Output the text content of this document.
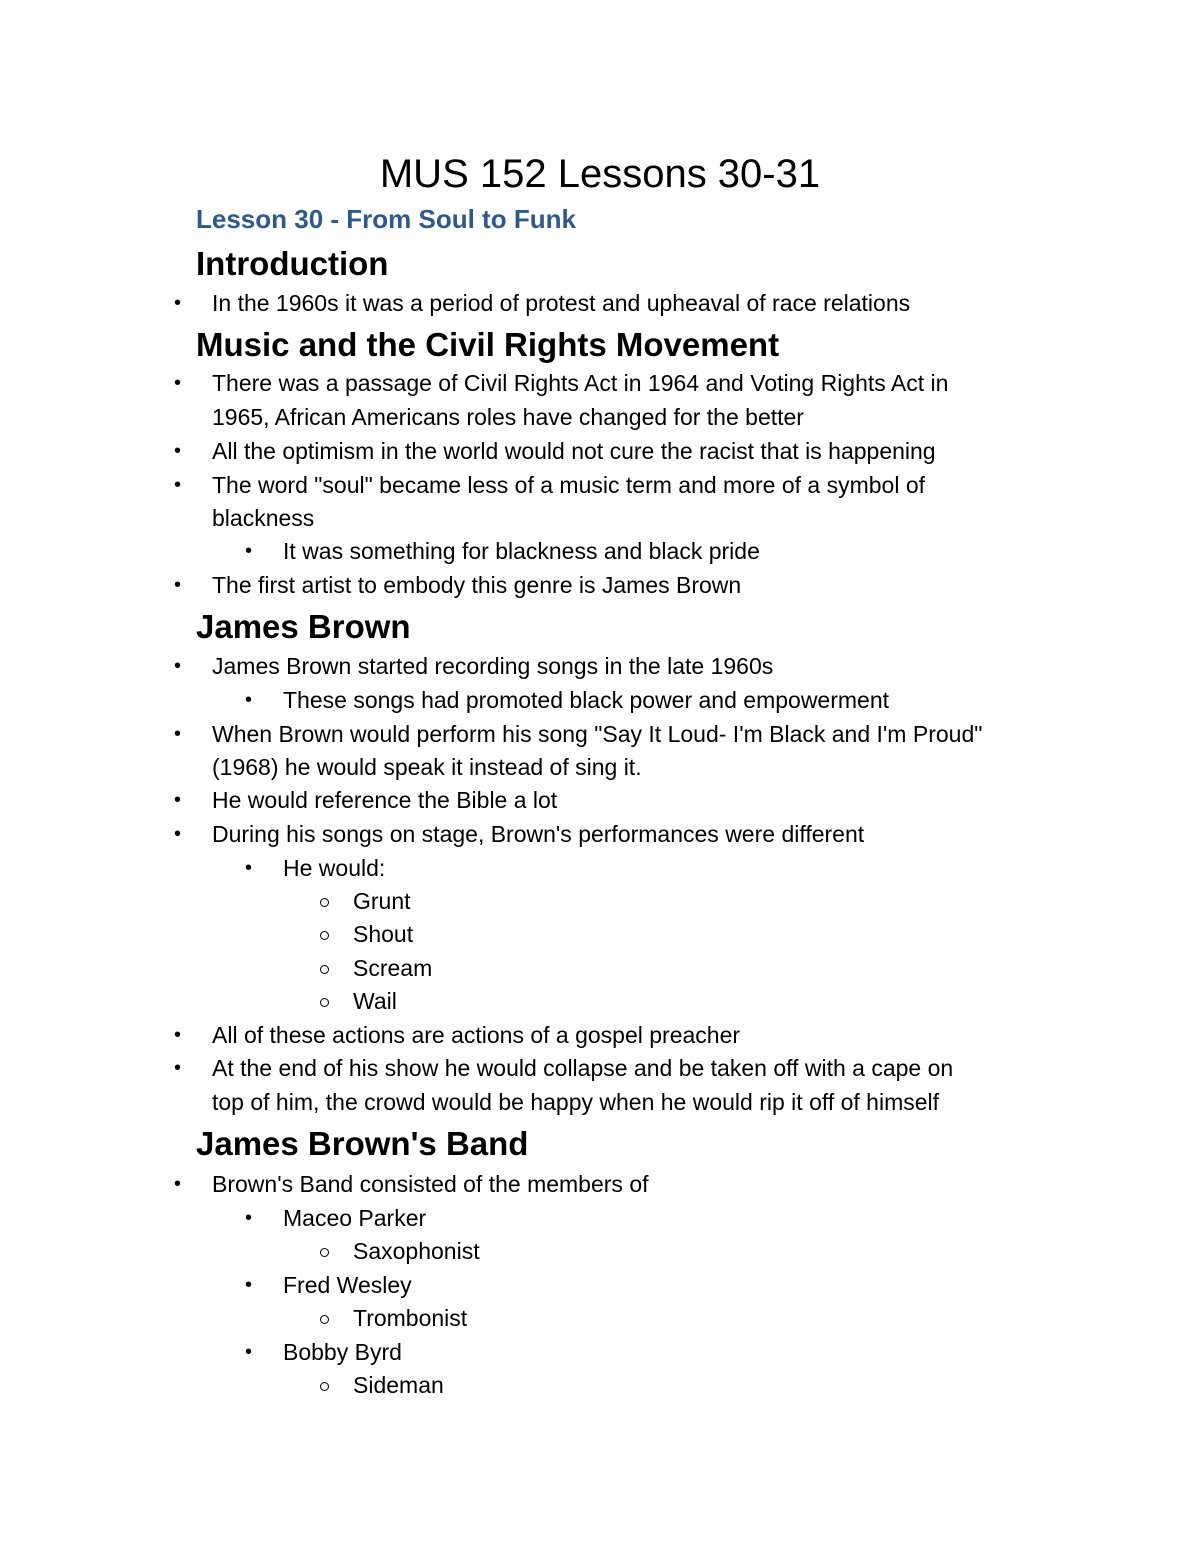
MUS 152 Lessons 30-31
Lesson 30 - From Soul to Funk
Introduction
• In the 1960s it was a period of protest and upheaval of race relations
Music and the Civil Rights Movement
• There was a passage of Civil Rights Act in 1964 and Voting Rights Act in
1965, African Americans roles have changed for the better
• All the optimism in the world would not cure the racist that is happening
• The word "soul" became less of a music term and more of a symbol of
blackness
• It was something for blackness and black pride
• The first artist to embody this genre is James Brown
James Brown
• James Brown started recording songs in the late 1960s
• These songs had promoted black power and empowerment
• When Brown would perform his song "Say It Loud- I'm Black and I'm Proud"
(1968) he would speak it instead of sing it.
• He would reference the Bible a lot
• During his songs on stage, Brown's performances were different
• He would:
Grunt
Shout
Scream
Wail
• All of these actions are actions of a gospel preacher
• At the end of his show he would collapse and be taken off with a cape on
top of him, the crowd would be happy when he would rip it off of himself
James Brown's Band
• Brown's Band consisted of the members of
• Maceo Parker
Saxophonist
• Fred Wesley
Trombonist
• Bobby Byrd
Sideman
